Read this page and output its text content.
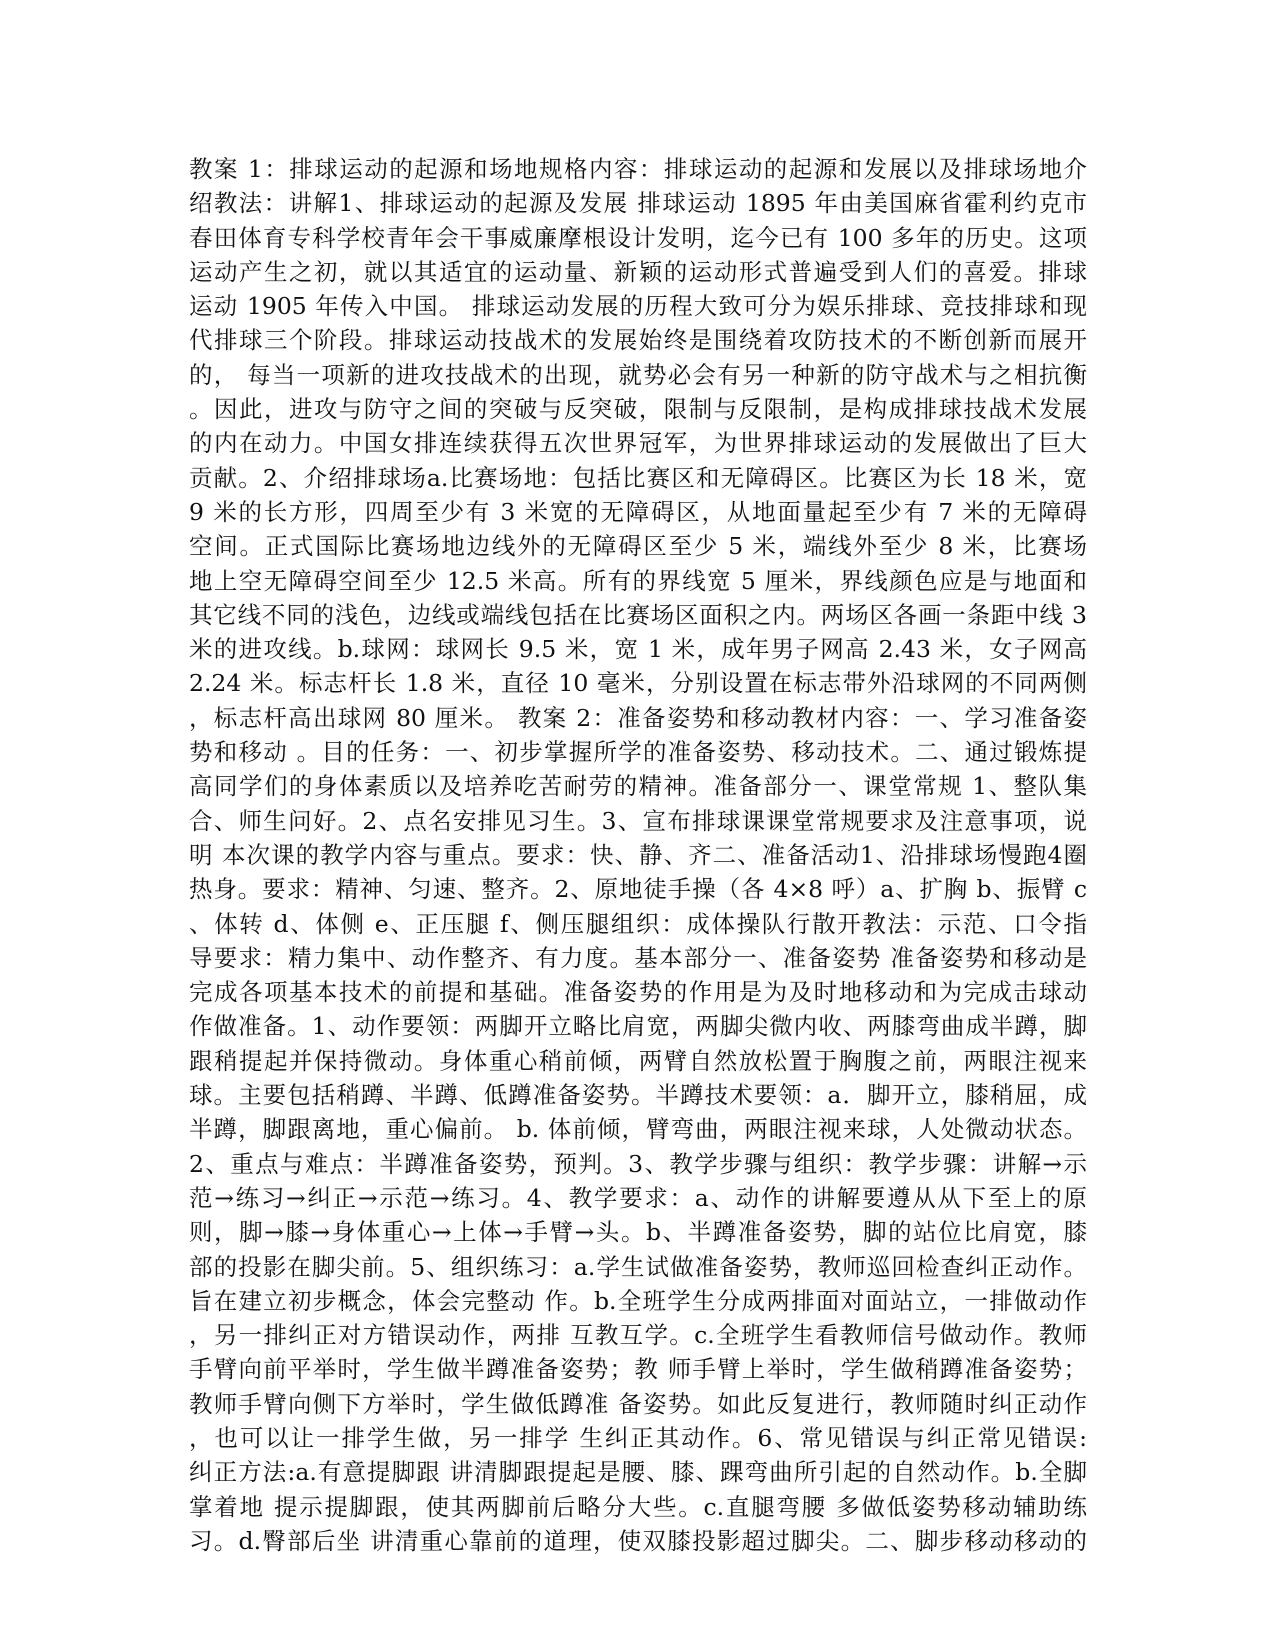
教案 1：排球运动的起源和场地规格内容：排球运动的起源和发展以及排球场地介
绍教法：讲解1、排球运动的起源及发展 排球运动 1895 年由美国麻省霍利约克市
春田体育专科学校青年会干事威廉摩根设计发明，迄今已有 100 多年的历史。这项
运动产生之初，就以其适宜的运动量、新颖的运动形式普遍受到人们的喜爱。排球
运动 1905 年传入中国。 排球运动发展的历程大致可分为娱乐排球、竞技排球和现
代排球三个阶段。排球运动技战术的发展始终是围绕着攻防技术的不断创新而展开
的， 每当一项新的进攻技战术的出现，就势必会有另一种新的防守战术与之相抗衡
。因此，进攻与防守之间的突破与反突破，限制与反限制，是构成排球技战术发展
的内在动力。中国女排连续获得五次世界冠军，为世界排球运动的发展做出了巨大
贡献。2、介绍排球场a.比赛场地：包括比赛区和无障碍区。比赛区为长 18 米，宽
9 米的长方形，四周至少有 3 米宽的无障碍区，从地面量起至少有 7 米的无障碍
空间。正式国际比赛场地边线外的无障碍区至少 5 米，端线外至少 8 米，比赛场
地上空无障碍空间至少 12.5 米高。所有的界线宽 5 厘米，界线颜色应是与地面和
其它线不同的浅色，边线或端线包括在比赛场区面积之内。两场区各画一条距中线 3
米的进攻线。b.球网：球网长 9.5 米，宽 1 米，成年男子网高 2.43 米，女子网高
2.24 米。标志杆长 1.8 米，直径 10 毫米，分别设置在标志带外沿球网的不同两侧
，标志杆高出球网 80 厘米。 教案 2：准备姿势和移动教材内容：一、学习准备姿
势和移动 。目的任务：一、初步掌握所学的准备姿势、移动技术。二、通过锻炼提
高同学们的身体素质以及培养吃苦耐劳的精神。准备部分一、课堂常规 1、整队集
合、师生问好。2、点名安排见习生。3、宣布排球课课堂常规要求及注意事项，说
明 本次课的教学内容与重点。要求：快、静、齐二、准备活动1、沿排球场慢跑4圈
热身。要求：精神、匀速、整齐。2、原地徒手操（各 4×8 呼）a、扩胸 b、振臂 c
、体转 d、体侧 e、正压腿 f、侧压腿组织：成体操队行散开教法：示范、口令指
导要求：精力集中、动作整齐、有力度。基本部分一、准备姿势 准备姿势和移动是
完成各项基本技术的前提和基础。准备姿势的作用是为及时地移动和为完成击球动
作做准备。1、动作要领：两脚开立略比肩宽，两脚尖微内收、两膝弯曲成半蹲，脚
跟稍提起并保持微动。身体重心稍前倾，两臂自然放松置于胸腹之前，两眼注视来
球。主要包括稍蹲、半蹲、低蹲准备姿势。半蹲技术要领：a．脚开立，膝稍屈，成
半蹲，脚跟离地，重心偏前。 b. 体前倾，臂弯曲，两眼注视来球，人处微动状态。
2、重点与难点：半蹲准备姿势，预判。3、教学步骤与组织：教学步骤：讲解→示
范→练习→纠正→示范→练习。4、教学要求：a、动作的讲解要遵从从下至上的原
则，脚→膝→身体重心→上体→手臂→头。b、半蹲准备姿势，脚的站位比肩宽，膝
部的投影在脚尖前。5、组织练习：a.学生试做准备姿势，教师巡回检查纠正动作。
旨在建立初步概念，体会完整动 作。b.全班学生分成两排面对面站立，一排做动作
，另一排纠正对方错误动作，两排 互教互学。c.全班学生看教师信号做动作。教师
手臂向前平举时，学生做半蹲准备姿势；教 师手臂上举时，学生做稍蹲准备姿势；
教师手臂向侧下方举时，学生做低蹲准 备姿势。如此反复进行，教师随时纠正动作
，也可以让一排学生做，另一排学 生纠正其动作。6、常见错误与纠正常见错误:
纠正方法:a.有意提脚跟 讲清脚跟提起是腰、膝、踝弯曲所引起的自然动作。b.全脚
掌着地 提示提脚跟，使其两脚前后略分大些。c.直腿弯腰 多做低姿势移动辅助练
习。d.臀部后坐 讲清重心靠前的道理，使双膝投影超过脚尖。二、脚步移动移动的
